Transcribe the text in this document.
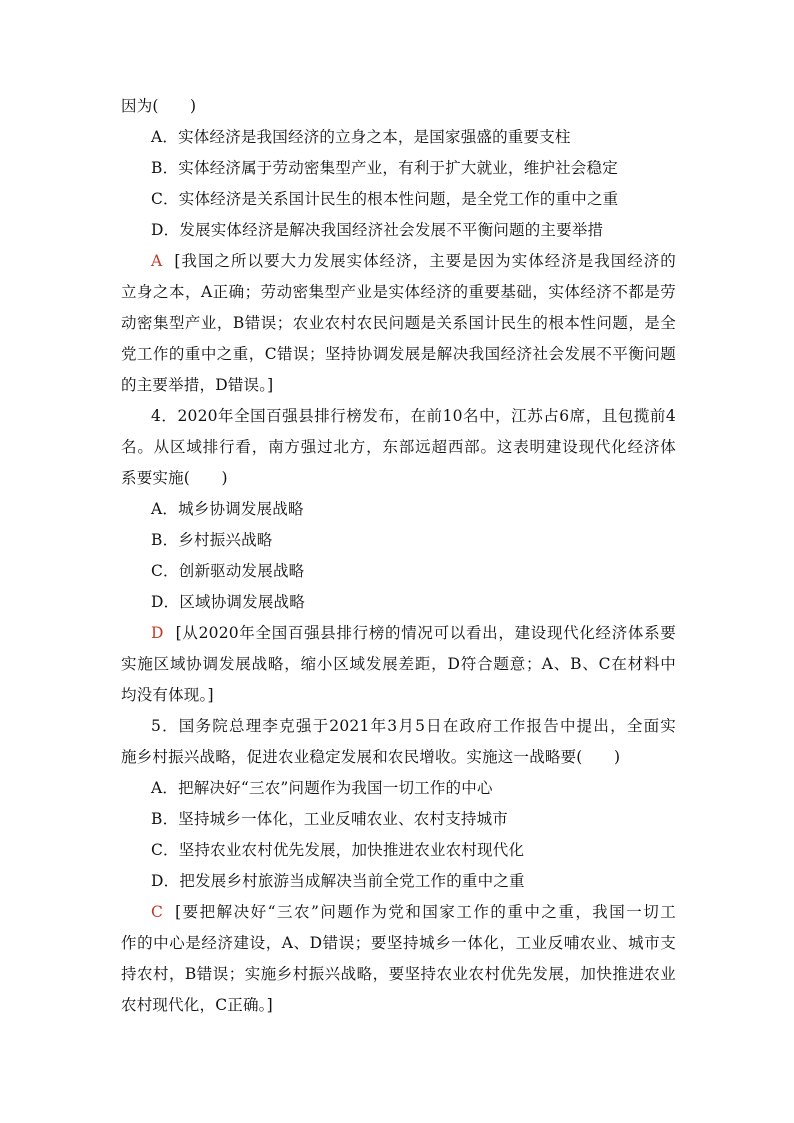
因为(　　)
A．实体经济是我国经济的立身之本，是国家强盛的重要支柱
B．实体经济属于劳动密集型产业，有利于扩大就业，维护社会稳定
C．实体经济是关系国计民生的根本性问题，是全党工作的重中之重
D．发展实体经济是解决我国经济社会发展不平衡问题的主要举措
A [我国之所以要大力发展实体经济，主要是因为实体经济是我国经济的
立身之本，A正确；劳动密集型产业是实体经济的重要基础，实体经济不都是劳
动密集型产业，B错误；农业农村农民问题是关系国计民生的根本性问题，是全
党工作的重中之重，C错误；坚持协调发展是解决我国经济社会发展不平衡问题
的主要举措，D错误。]
4．2020年全国百强县排行榜发布，在前10名中，江苏占6席，且包揽前4
名。从区域排行看，南方强过北方，东部远超西部。这表明建设现代化经济体
系要实施(　　)
A．城乡协调发展战略
B．乡村振兴战略
C．创新驱动发展战略
D．区域协调发展战略
D [从2020年全国百强县排行榜的情况可以看出，建设现代化经济体系要
实施区域协调发展战略，缩小区域发展差距，D符合题意；A、B、C在材料中
均没有体现。]
5．国务院总理李克强于2021年3月5日在政府工作报告中提出，全面实
施乡村振兴战略，促进农业稳定发展和农民增收。实施这一战略要(　　)
A．把解决好“三农”问题作为我国一切工作的中心
B．坚持城乡一体化，工业反哺农业、农村支持城市
C．坚持农业农村优先发展，加快推进农业农村现代化
D．把发展乡村旅游当成解决当前全党工作的重中之重
C [要把解决好“三农”问题作为党和国家工作的重中之重，我国一切工
作的中心是经济建设，A、D错误；要坚持城乡一体化，工业反哺农业、城市支
持农村，B错误；实施乡村振兴战略，要坚持农业农村优先发展，加快推进农业
农村现代化，C正确。]
